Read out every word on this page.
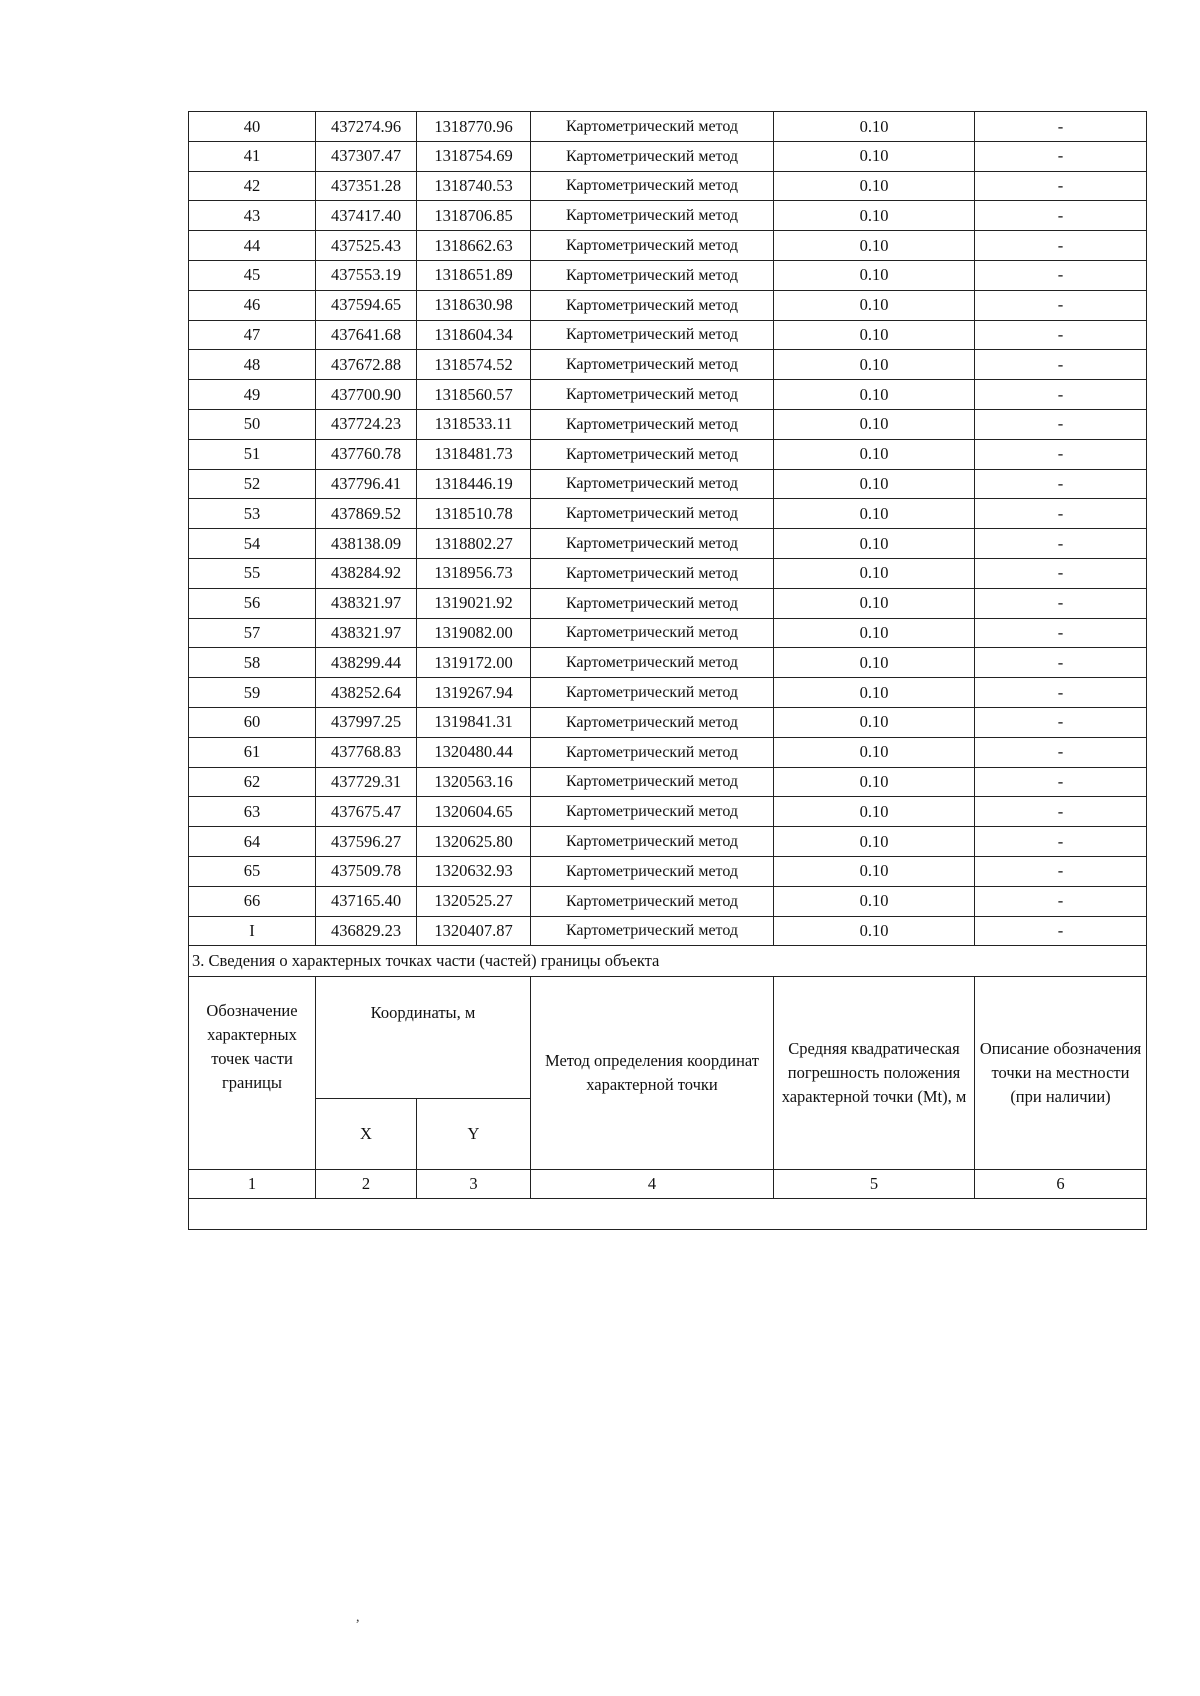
40	437274.96	1318770.96	Картометрический метод	0.10	-
41	437307.47	1318754.69	Картометрический метод	0.10	-
42	437351.28	1318740.53	Картометрический метод	0.10	-
43	437417.40	1318706.85	Картометрический метод	0.10	-
44	437525.43	1318662.63	Картометрический метод	0.10	-
45	437553.19	1318651.89	Картометрический метод	0.10	-
46	437594.65	1318630.98	Картометрический метод	0.10	-
47	437641.68	1318604.34	Картометрический метод	0.10	-
48	437672.88	1318574.52	Картометрический метод	0.10	-
49	437700.90	1318560.57	Картометрический метод	0.10	-
50	437724.23	1318533.11	Картометрический метод	0.10	-
51	437760.78	1318481.73	Картометрический метод	0.10	-
52	437796.41	1318446.19	Картометрический метод	0.10	-
53	437869.52	1318510.78	Картометрический метод	0.10	-
54	438138.09	1318802.27	Картометрический метод	0.10	-
55	438284.92	1318956.73	Картометрический метод	0.10	-
56	438321.97	1319021.92	Картометрический метод	0.10	-
57	438321.97	1319082.00	Картометрический метод	0.10	-
58	438299.44	1319172.00	Картометрический метод	0.10	-
59	438252.64	1319267.94	Картометрический метод	0.10	-
60	437997.25	1319841.31	Картометрический метод	0.10	-
61	437768.83	1320480.44	Картометрический метод	0.10	-
62	437729.31	1320563.16	Картометрический метод	0.10	-
63	437675.47	1320604.65	Картометрический метод	0.10	-
64	437596.27	1320625.80	Картометрический метод	0.10	-
65	437509.78	1320632.93	Картометрический метод	0.10	-
66	437165.40	1320525.27	Картометрический метод	0.10	-
I	436829.23	1320407.87	Картометрический метод	0.10	-
3. Сведения о характерных точках части (частей) границы объекта					
Обозначение характерных точек части границы	Координаты, м		Метод определения координат характерной точки	Средняя квадратическая погрешность положения характерной точки (Mt), м	Описание обозначения точки на местности (при наличии)
	X	Y			
1	2	3	4	5	6

,
